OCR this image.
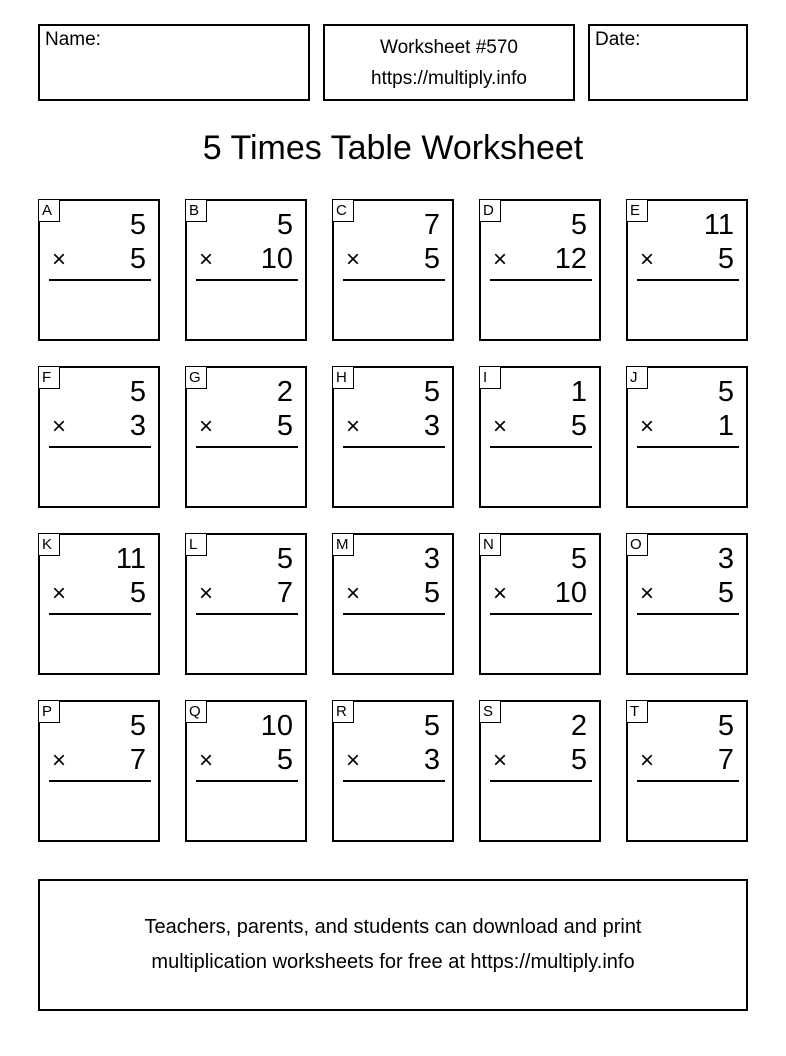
Name:	Worksheet #570
https://multiply.info
Date:
5 Times Table Worksheet
A	5
× 5
B	5
× 10
C	7
× 5
D	5
× 12
E 11
× 5
F	5
× 3
G	2
× 5
H	5
× 3
I	1
× 5
J	5
× 1
K 11
× 5
L	5
× 7
M	3
× 5
N	5
× 10
O	3
× 5
P	5
× 7
Q 10
× 5
R	5
× 3
S	2
× 5
T	5
× 7
Teachers, parents, and students can download and print
multiplication worksheets for free at https://multiply.info
